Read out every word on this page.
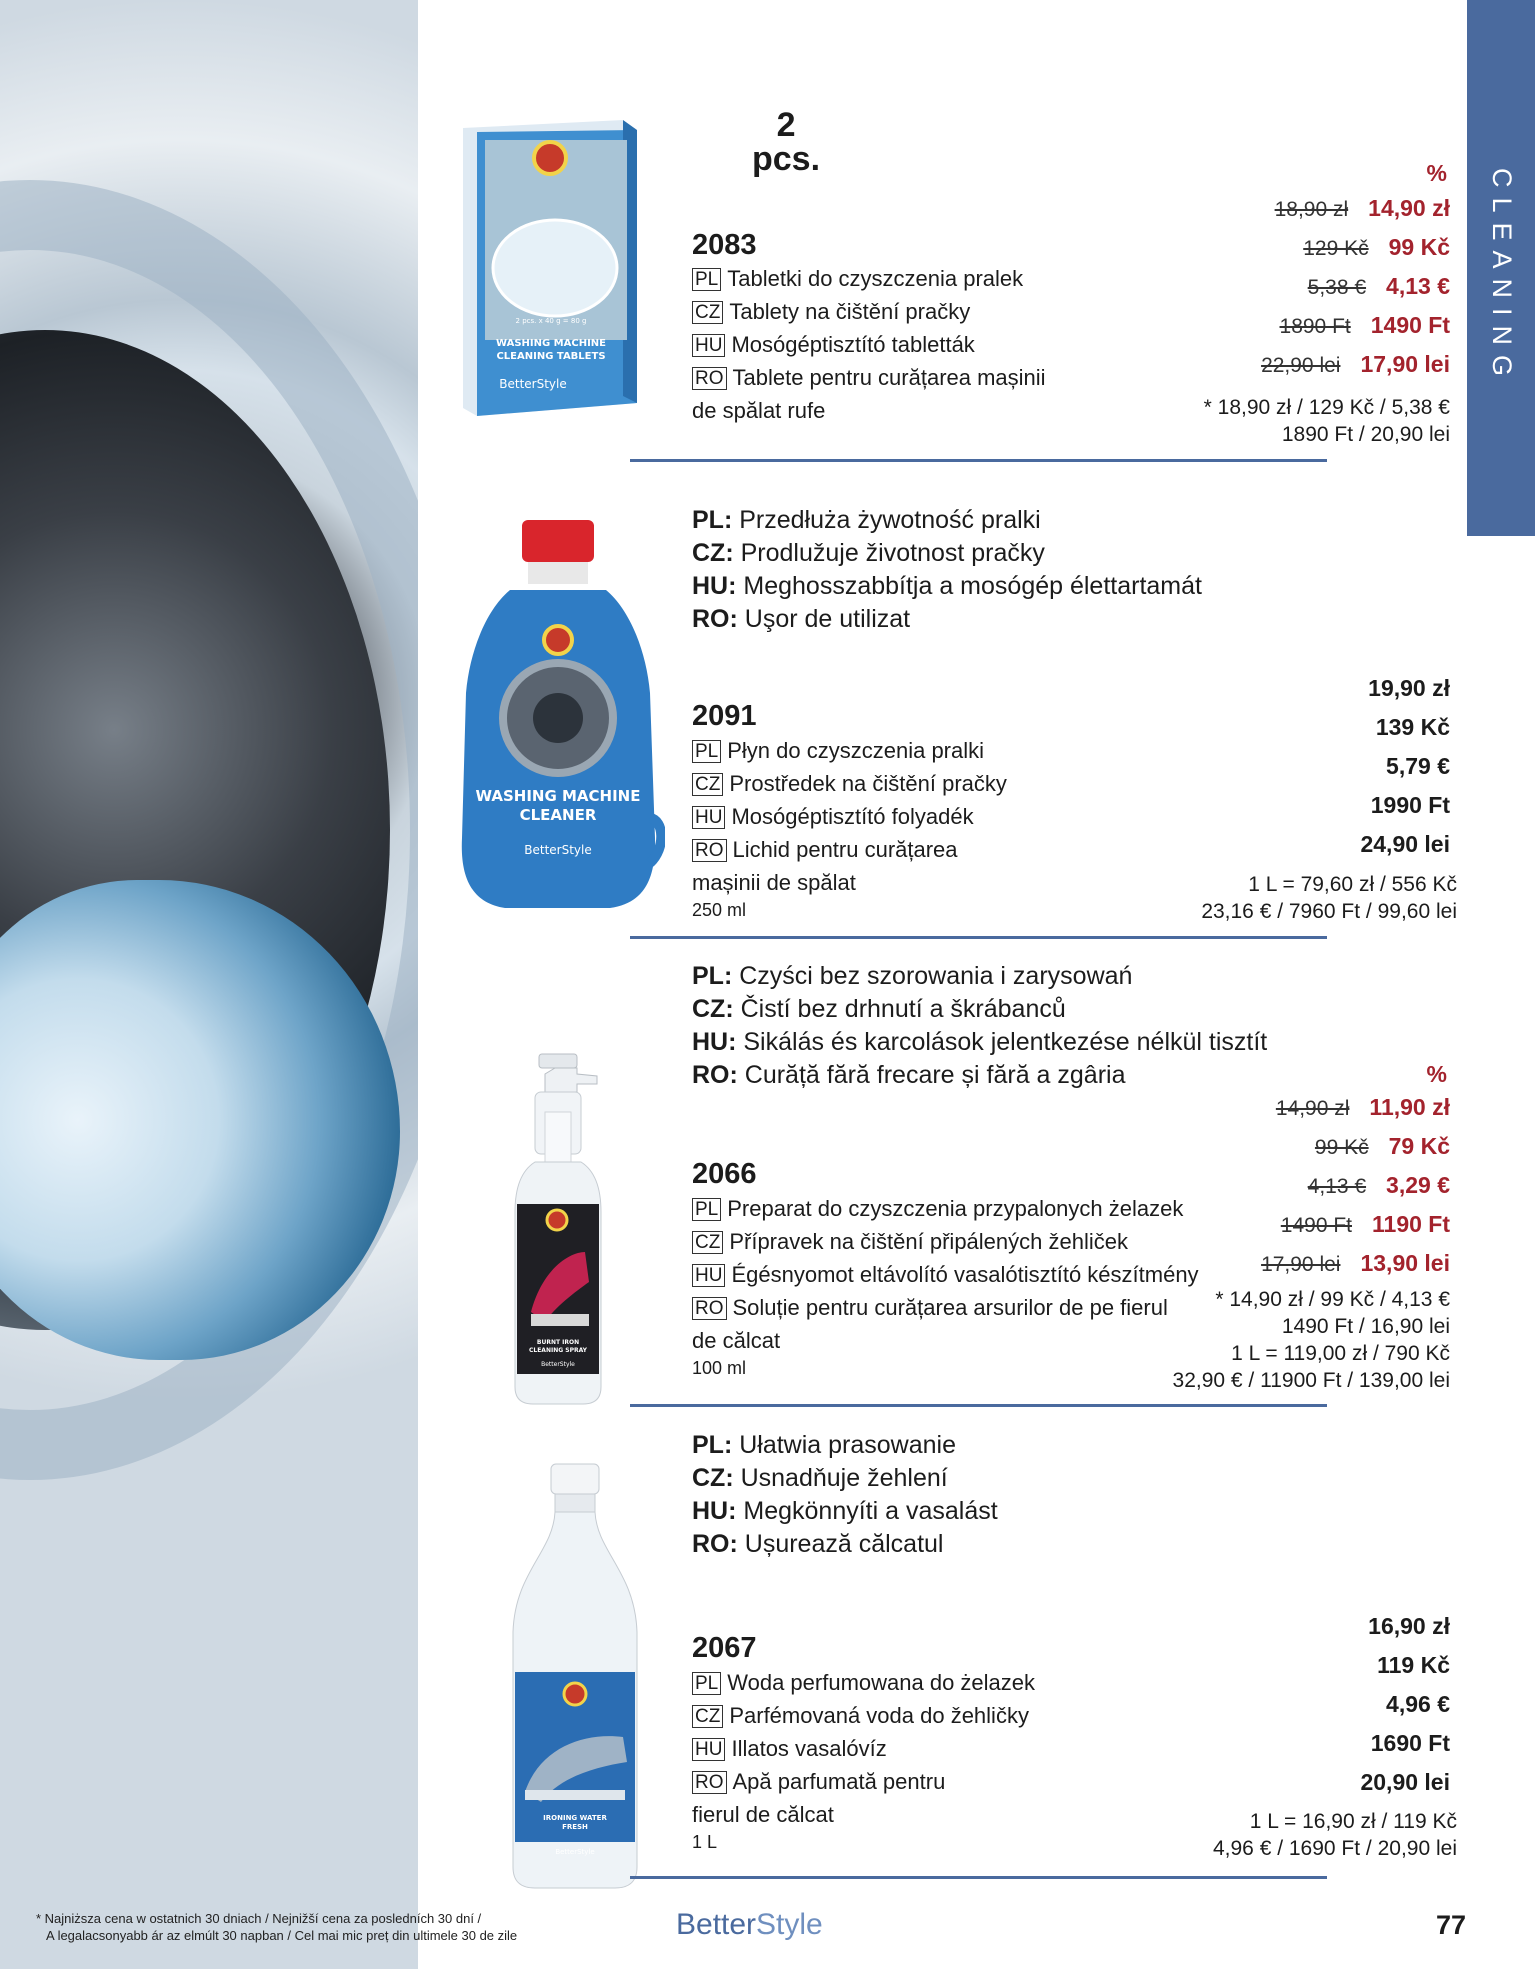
CLEANING
2 pcs. x 40 g = 80 g
WASHING MACHINE
CLEANING TABLETS
BetterStyle
2
pcs.
2083
PL Tabletki do czyszczenia pralek
CZ Tablety na čištění pračky
HU Mosógéptisztító tabletták
RO Tablete pentru curățarea mașinii
de spălat rufe
%
18,90 zł 14,90 zł
129 Kč 99 Kč
5,38 € 4,13 €
1890 Ft 1490 Ft
22,90 lei 17,90 lei
* 18,90 zł / 129 Kč / 5,38 €
1890 Ft / 20,90 lei
PL: Przedłuża żywotność pralki
CZ: Prodlužuje životnost pračky
HU: Meghosszabbítja a mosógép élettartamát
RO: Uşor de utilizat
WASHING MACHINE
CLEANER
BetterStyle
2091
PL Płyn do czyszczenia pralki
CZ Prostředek na čištění pračky
HU Mosógéptisztító folyadék
RO Lichid pentru curățarea
mașinii de spălat
250 ml
19,90 zł
139 Kč
5,79 €
1990 Ft
24,90 lei
1 L = 79,60 zł / 556 Kč
23,16 € / 7960 Ft / 99,60 lei
PL: Czyści bez szorowania i zarysowań
CZ: Čistí bez drhnutí a škrábanců
HU: Sikálás és karcolások jelentkezése nélkül tisztít
RO: Curăță fără frecare și fără a zgâria
BURNT IRON
CLEANING SPRAY
BetterStyle
2066
PL Preparat do czyszczenia przypalonych żelazek
CZ Přípravek na čištění připálených žehliček
HU Égésnyomot eltávolító vasalótisztító készítmény
RO Soluție pentru curățarea arsurilor de pe fierul
de călcat
100 ml
%
14,90 zł 11,90 zł
99 Kč 79 Kč
4,13 € 3,29 €
1490 Ft 1190 Ft
17,90 lei 13,90 lei
* 14,90 zł / 99 Kč / 4,13 €
1490 Ft / 16,90 lei
1 L = 119,00 zł / 790 Kč
32,90 € / 11900 Ft / 139,00 lei
PL: Ułatwia prasowanie
CZ: Usnadňuje žehlení
HU: Megkönnyíti a vasalást
RO: Ușurează călcatul
IRONING WATER
FRESH
BetterStyle
2067
PL Woda perfumowana do żelazek
CZ Parfémovaná voda do žehličky
HU Illatos vasalóvíz
RO Apă parfumată pentru
fierul de călcat
1 L
16,90 zł
119 Kč
4,96 €
1690 Ft
20,90 lei
1 L = 16,90 zł / 119 Kč
4,96 € / 1690 Ft / 20,90 lei
* Najniższa cena w ostatnich 30 dniach / Nejnižší cena za posledních 30 dní /
A legalacsonyabb ár az elmúlt 30 napban / Cel mai mic preț din ultimele 30 de zile	BetterStyle	77
